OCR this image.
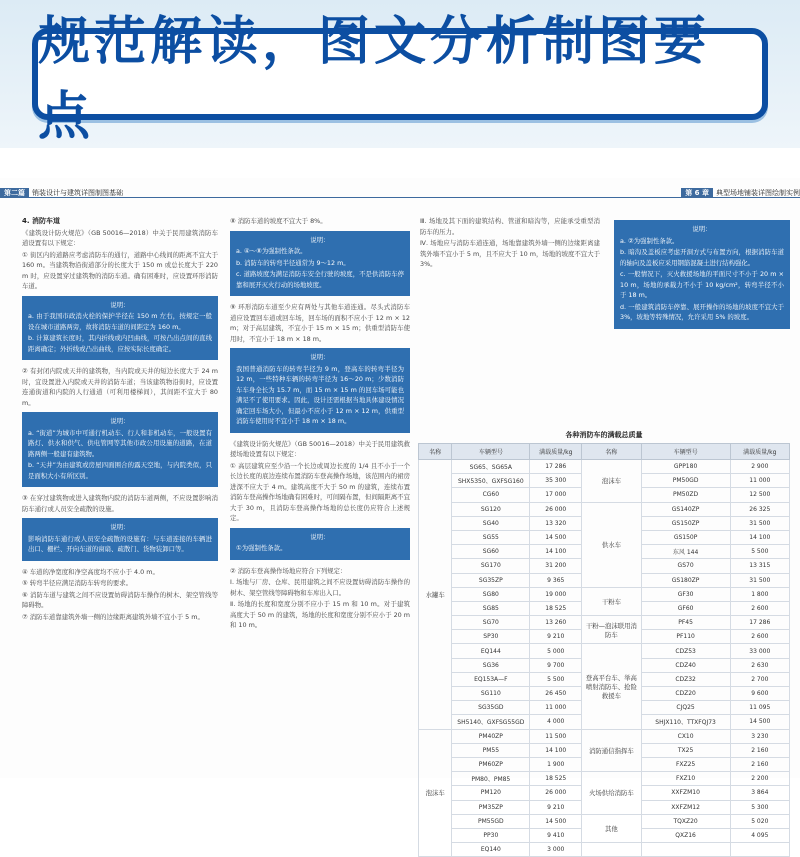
规范解读，图文分析制图要点
第二篇	销装设计与建筑详图制图基础	第 6 章	典型场地铺装详图绘制实例
4. 消防车道

《建筑设计防火规范》（GB 50016—2018）中关于民用建筑消防车道设置有以下规定：

① 街区内的道路应考虑消防车的通行，道路中心线间的距离不宜大于 160 m。当建筑物沿街道部分的长度大于 150 m 或总长度大于 220 m 时，应设置穿过建筑物的消防车道。确有困难时，应设置环形消防车道。

说明：

a. 由于我国市政消火栓的保护半径在 150 m 左右，按规定一般设在城市道路两旁，故将消防车道的间距定为 160 m。

b. 计算建筑长度时，其内折线或内凹曲线，可按凸出点间的直线距离确定；外折线或凸出曲线，应按实际长度确定。

② 有封闭内院或天井的建筑物，当内院或天井的短边长度大于 24 m 时，宜设置进入内院或天井的消防车道；当该建筑物沿街时，应设置连通街道和内院的人行通道（可利用楼梯间），其间距不宜大于 80 m。

说明：

a. “街道”为城市中可通行机动车、行人和非机动车，一般设置有路灯、供水和供气、供电管网等其他市政公用设施的道路，在道路两侧一般建有建筑物。

b. “天井”为由建筑或房屋四面围合的露天空地，与内院类似，只是面积大小有所区别。

③ 在穿过建筑物或进入建筑物内院的消防车道两侧，不应设置影响消防车通行或人员安全疏散的设施。

说明：

影响消防车通行或人员安全疏散的设施有：与车道连接的车辆进出口、栅栏、开向车道的窗扇、疏散门、货物装卸口等。

④ 车道的净宽度和净空高度均不应小于 4.0 m。

⑤ 转弯半径应满足消防车转弯的要求。

⑥ 消防车道与建筑之间不应设置妨碍消防车操作的树木、架空管线等障碍物。

⑦ 消防车道靠建筑外墙一侧的边缘距离建筑外墙不宜小于 5 m。

⑧ 消防车道的坡度不宜大于 8%。

说明：

a. ④～⑧为强制性条款。

b. 消防车的转弯半径通常为 9～12 m。

c. 道路坡度为满足消防车安全行驶的坡度，不是供消防车停靠和展开灭火行动的场地坡度。

⑨ 环形消防车道至少应有两处与其他车道连通。尽头式消防车道应设置回车道或回车场，回车场的面积不应小于 12 m × 12 m；对于高层建筑，不宜小于 15 m × 15 m；供重型消防车使用时，不宜小于 18 m × 18 m。

说明：

我国普通消防车的转弯半径为 9 m，登高车的转弯半径为 12 m，一些特种车辆的转弯半径为 16～20 m；少数消防车车身全长为 15.7 m，而 15 m × 15 m 的回车场可能也满足不了使用要求。因此，设计还需根据当地具体建设情况确定回车场大小，但最小不应小于 12 m × 12 m，供重型消防车使用时不宜小于 18 m × 18 m。

《建筑设计防火规范》（GB 50016—2018）中关于民用建筑救援场地设置有以下规定：

① 高层建筑应至少沿一个长边或周边长度的 1/4 且不小于一个长边长度的底边连续布置消防车登高操作场地，该范围内的裙房进深不应大于 4 m。建筑高度不大于 50 m 的建筑，连续布置消防车登高操作场地确有困难时，可间隔布置，但间隔距离不宜大于 30 m，且消防车登高操作场地的总长度仍应符合上述规定。

说明：

①为强制性条款。

② 消防车登高操作场地应符合下列规定：

Ⅰ. 场地与厂房、仓库、民用建筑之间不应设置妨碍消防车操作的树木、架空管线等障碍物和车库出入口。

Ⅱ. 场地的长度和宽度分别不应小于 15 m 和 10 m。对于建筑高度大于 50 m 的建筑，场地的长度和宽度分别不应小于 20 m 和 10 m。

Ⅲ. 场地及其下面的建筑结构、管道和暗沟等，应能承受重型消防车的压力。

Ⅳ. 场地应与消防车道连通，场地靠建筑外墙一侧的边缘距离建筑外墙不宜小于 5 m，且不应大于 10 m，场地的坡度不宜大于 3%。

说明：

a. ②为强制性条款。

b. 暗沟及盖板应考虑开洞方式与布置方向，根据消防车道的轴向及盖板应采用钢筋混凝土进行结构强化。

c. 一般情况下，灭火救援场地的平面尺寸不小于 20 m × 10 m，场地的承载力不小于 10 kg/cm²，转弯半径不小于 18 m。

d. 一般建筑消防车停靠、展开操作的场地的坡度不宜大于 3%，坡地等特殊情况，允许采用 5% 的坡度。

各种消防车的满载总质量
名称	车辆型号	满载质量/kg	名称	车辆型号	满载质量/kg
水罐车	SG65、SG65A	17 286	泡沫车	GPP180	2 900
	SHX5350、GXFSG160	35 300		PM50GD	11 000
	CG60	17 000		PM50ZD	12 500
	SG120	26 000	供水车	GS140ZP	26 325
	SG40	13 320		GS150ZP	31 500
	SG55	14 500		GS150P	14 100
	SG60	14 100		东风 144	5 500
	SG170	31 200		GS70	13 315
	SG35ZP	9 365		GS180ZP	31 500
	SG80	19 000	干粉车	GF30	1 800
	SG85	18 525		GF60	2 600
	SG70	13 260	干粉—泡沫联用消防车	PF45	17 286
	SP30	9 210		PF110	2 600
	EQ144	5 000	登高平台车、举高喷射消防车、抢险救援车	CDZ53	33 000
	SG36	9 700		CDZ40	2 630
	EQ153A—F	5 500		CDZ32	2 700
	SG110	26 450		CDZ20	9 600
	SG35GD	11 000		CJQ25	11 095
	SH5140、GXFSG55GD	4 000		SHJX110、TTXFQJ73	14 500
泡沫车	PM40ZP	11 500	消防通信指挥车	CX10	3 230
	PM55	14 100		TX25	2 160
	PM60ZP	1 900		FXZ25	2 160
	PM80、PM85	18 525	火场供给消防车	FXZ10	2 200
	PM120	26 000		XXFZM10	3 864
	PM35ZP	9 210		XXFZM12	5 300
	PM55GD	14 500	其他	TQXZ20	5 020
	PP30	9 410		QXZ16	4 095
	EQ140	3 000			
